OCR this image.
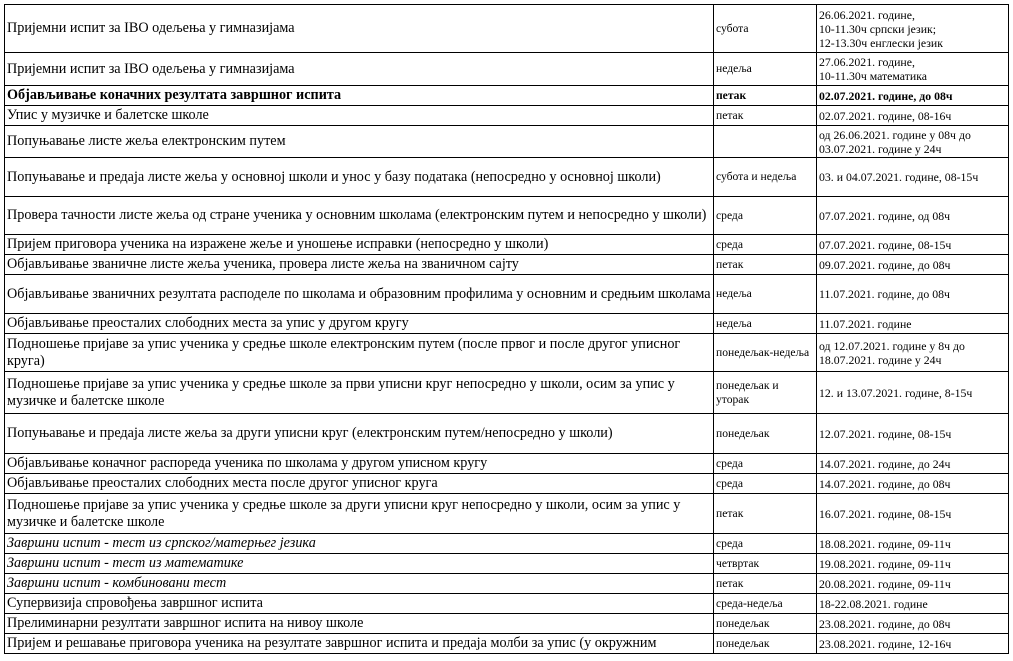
Пријемни испит за IBO одељења у гимназијама	субота	26.06.2021. године,
10-11.30ч српски језик;
12-13.30ч енглески језик

Пријемни испит за IBO одељења у гимназијама	недеља	27.06.2021. године,
10-11.30ч математика

Објављивање коначних резултата завршног испита	петак	02.07.2021. године, до 08ч
Упис у музичке и балетске школе	петак	02.07.2021. године, 08-16ч
Попуњавање листе жеља електронским путем		од 26.06.2021. године у 08ч до
03.07.2021. године у 24ч

Попуњавање и предаја листе жеља у основној школи и унос у базу података (непосредно у основној школи)	субота и недеља	03. и 04.07.2021. године, 08-15ч
Провера тачности листе жеља од стране ученика у основним школама (електронским путем и непосредно у школи)	среда	07.07.2021. године, од 08ч
Пријем приговора ученика на изражене жеље и уношење исправки (непосредно у школи)	среда	07.07.2021. године, 08-15ч
Објављивање званичне листе жеља ученика, провера листе жеља на званичном сајту	петак	09.07.2021. године, до 08ч
Објављивање званичних резултата расподеле по школама и образовним профилима у основним и средњим школама	недеља	11.07.2021. године, до 08ч
Објављивање преосталих слободних места за упис у другом кругу	недеља	11.07.2021. године
Подношење пријаве за упис ученика у средње школе електронским путем (после првог и после другог уписног круга)	понедељак-недеља	од 12.07.2021. године у 8ч до
18.07.2021. године у 24ч

Подношење пријаве за упис ученика у средње школе за први уписни круг непосредно у школи, осим за упис у музичке и балетске школе	понедељак и уторак	12. и 13.07.2021. године, 8-15ч
Попуњавање и предаја листе жеља за други уписни круг (електронским путем/непосредно у школи)	понедељак	12.07.2021. године, 08-15ч
Објављивање коначног распореда ученика по школама у другом уписном кругу	среда	14.07.2021. године, до 24ч
Објављивање преосталих слободних места после другог уписног круга	среда	14.07.2021. године, до 08ч
Подношење пријаве за упис ученика у средње школе за други уписни круг непосредно у школи, осим за упис у музичке и балетске школе	петак	16.07.2021. године, 08-15ч
Завршни испит - тест из српског/матерњег језика	среда	18.08.2021. године, 09-11ч
Завршни испит - тест из математике	четвртак	19.08.2021. године, 09-11ч
Завршни испит - комбиновани тест	петак	20.08.2021. године, 09-11ч
Супервизија спровођења завршног испита	среда-недеља	18-22.08.2021. године
Прелиминарни резултати завршног испита на нивоу школе	понедељак	23.08.2021. године, до 08ч
Пријем и решавање приговора ученика на резултате завршног испита и предаја молби за упис (у окружним	понедељак	23.08.2021. године, 12-16ч
